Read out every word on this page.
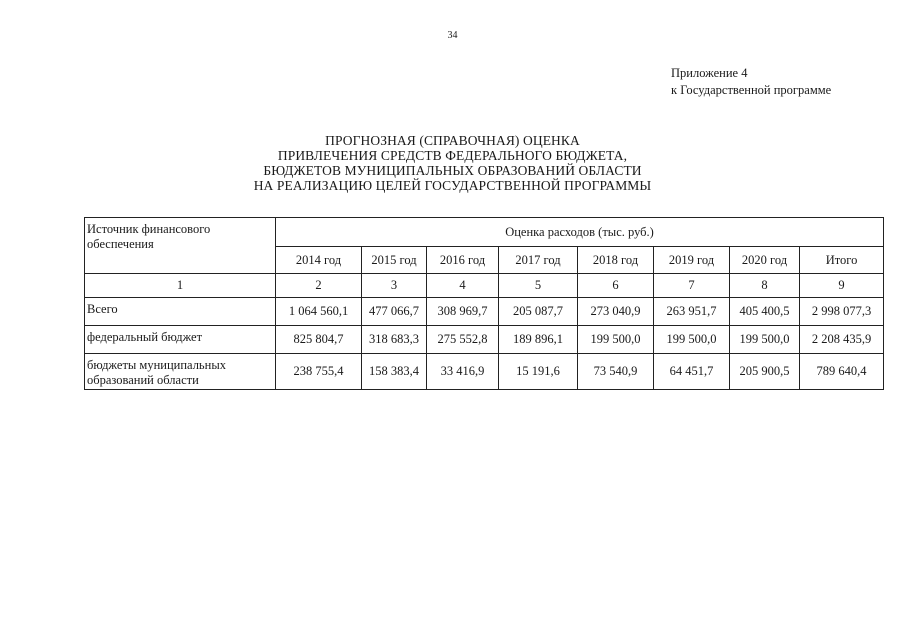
34
Приложение 4
к Государственной программе
ПРОГНОЗНАЯ (СПРАВОЧНАЯ) ОЦЕНКА
ПРИВЛЕЧЕНИЯ СРЕДСТВ ФЕДЕРАЛЬНОГО БЮДЖЕТА,
БЮДЖЕТОВ МУНИЦИПАЛЬНЫХ ОБРАЗОВАНИЙ ОБЛАСТИ
НА РЕАЛИЗАЦИЮ ЦЕЛЕЙ ГОСУДАРСТВЕННОЙ ПРОГРАММЫ
Источник финансового обеспечения	Оценка расходов (тыс. руб.)							
	2014 год	2015 год	2016 год	2017 год	2018 год	2019 год	2020 год	Итого
1	2	3	4	5	6	7	8	9
Всего	1 064 560,1	477 066,7	308 969,7	205 087,7	273 040,9	263 951,7	405 400,5	2 998 077,3
федеральный бюджет	825 804,7	318 683,3	275 552,8	189 896,1	199 500,0	199 500,0	199 500,0	2 208 435,9
бюджеты муниципальных образований области	238 755,4	158 383,4	33 416,9	15 191,6	73 540,9	64 451,7	205 900,5	789 640,4
